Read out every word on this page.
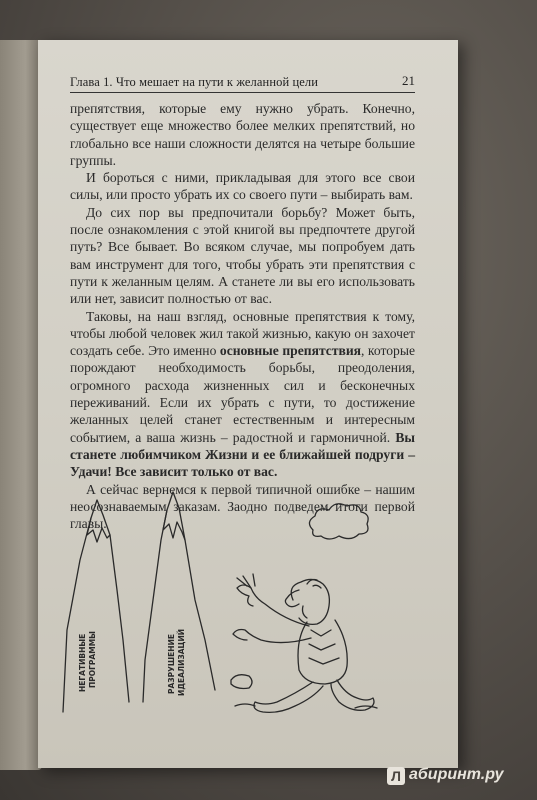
Глава 1. Что мешает на пути к желанной цели	21

препятствия, которые ему нужно убрать. Конечно, существует еще множество более мелких препятствий, но глобально все наши сложности делятся на четыре большие группы.

И бороться с ними, прикладывая для этого все свои силы, или просто убрать их со своего пути – выбирать вам.

До сих пор вы предпочитали борьбу? Может быть, после ознакомления с этой книгой вы предпочтете другой путь? Все бывает. Во всяком случае, мы попробуем дать вам инструмент для того, чтобы убрать эти препятствия с пути к желанным целям. А станете ли вы его использовать или нет, зависит полностью от вас.

Таковы, на наш взгляд, основные препятствия к тому, чтобы любой человек жил такой жизнью, какую он захочет создать себе. Это именно основные препятствия, которые порождают необходимость борьбы, преодоления, огромного расхода жизненных сил и бесконечных переживаний. Если их убрать с пути, то достижение желанных целей станет естественным и интересным событием, а ваша жизнь – радостной и гармоничной. Вы станете любимчиком Жизни и ее ближайшей подруги – Удачи! Все зависит только от вас.

А сейчас вернемся к первой типичной ошибке – нашим неосознаваемым заказам. Заодно подведем итоги первой главы.

НЕГАТИВНЫЕ ПРОГРАММЫ	РАЗРУШЕНИЕ ИДЕАЛИЗАЦИЙ
Л абиринт.ру
